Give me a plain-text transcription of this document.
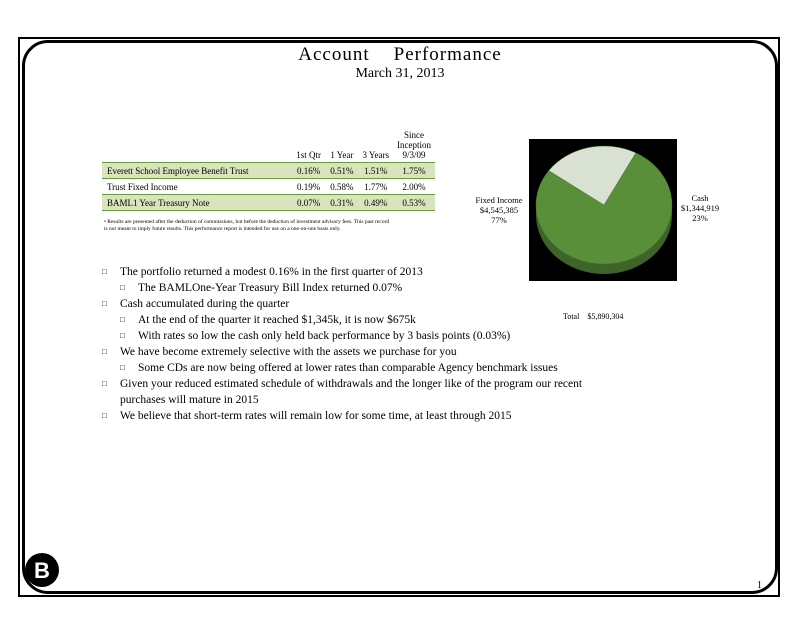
Account Performance
March 31, 2013
	1st Qtr	1 Year	3 Years	Since
Inception
9/3/09

Everett School Employee Benefit Trust	0.16%	0.51%	1.51%	1.75%
Trust Fixed Income	0.19%	0.58%	1.77%	2.00%
BAML1 Year Treasury Note	0.07%	0.31%	0.49%	0.53%
• Results are presented after the deduction of commissions, but before the deduction of investment advisory fees. This past record is not meant to imply future results. This performance report is intended for use on a one-on-one basis only.
□ The portfolio returned a modest 0.16% in the first quarter of 2013
□ The BAMLOne-Year Treasury Bill Index returned 0.07%
□ Cash accumulated during the quarter
□ At the end of the quarter it reached $1,345k, it is now $675k
□ With rates so low the cash only held back performance by 3 basis points (0.03%)
□ We have become extremely selective with the assets we purchase for you
□ Some CDs are now being offered at lower rates than comparable Agency benchmark issues
□ Given your reduced estimated schedule of withdrawals and the longer like of the program our recent purchases will mature in 2015
□ We believe that short-term rates will remain low for some time, at least through 2015
Fixed Income
$4,545,385
77%
Cash
$1,344,919
23%
Total $5,890,304
B
1
